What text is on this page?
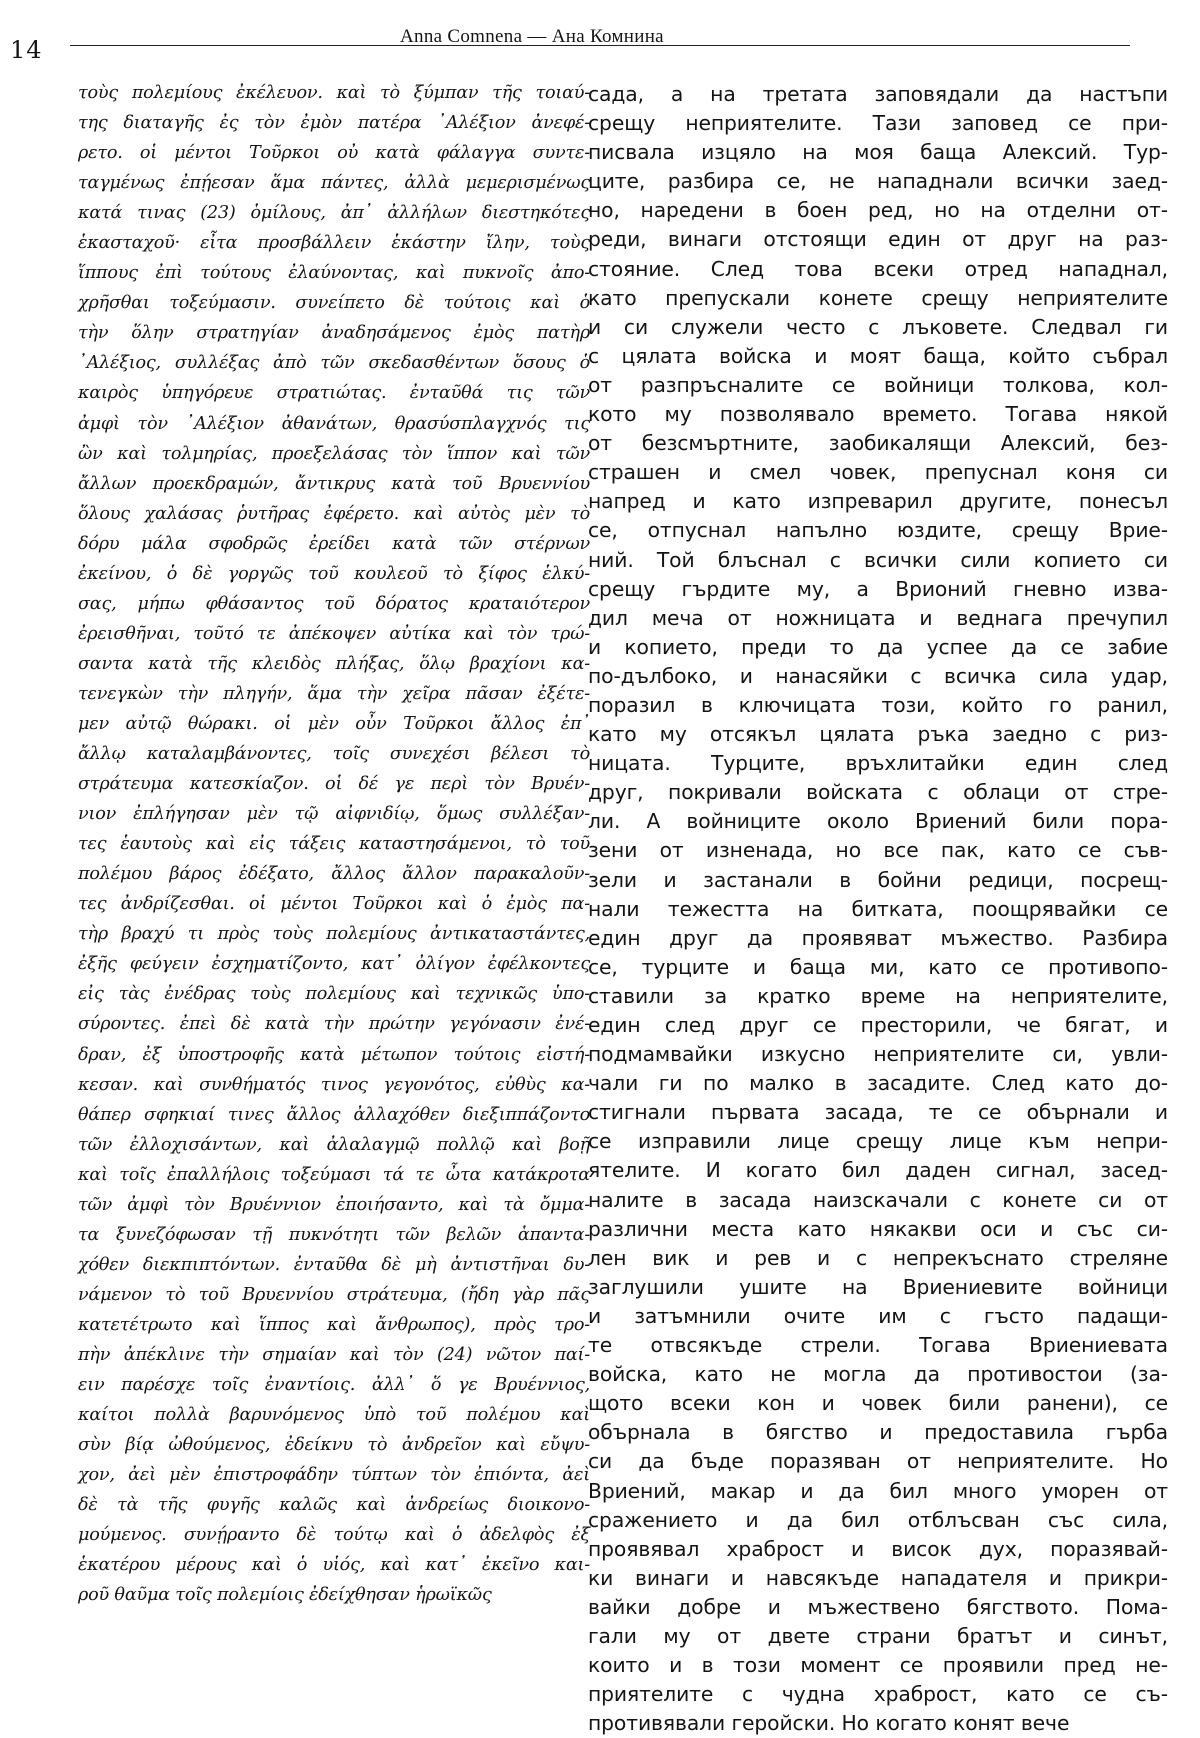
14	Anna Comnena — Ана Комнина
τοὺς πολεμίους ἐκέλευον. καὶ τὸ ξύμπαν τῆς τοιαύ-
της διαταγῆς ἐς τὸν ἐμὸν πατέρα ᾿Αλέξιον ἀνεφέ-
ρετο. οἱ μέντοι Τοῦρκοι οὐ κατὰ φάλαγγα συντε-
ταγμένως ἐπῄεσαν ἅμα πάντες, ἀλλὰ μεμερισμένως
κατά τινας (23) ὁμίλους, ἀπ᾿ ἀλλήλων διεστηκότες
ἑκασταχοῦ· εἶτα προσβάλλειν ἑκάστην ἴλην, τοὺς
ἵππους ἐπὶ τούτους ἐλαύνοντας, καὶ πυκνοῖς ἀπο-
χρῆσθαι τοξεύμασιν. συνείπετο δὲ τούτοις καὶ ὁ
τὴν ὅλην στρατηγίαν ἀναδησάμενος ἐμὸς πατὴρ
᾿Αλέξιος, συλλέξας ἀπὸ τῶν σκεδασθέντων ὅσους ὁ
καιρὸς ὑπηγόρευε στρατιώτας. ἐνταῦθά τις τῶν
ἀμφὶ τὸν ᾿Αλέξιον ἀθανάτων, θρασύσπλαγχνός τις
ὢν καὶ τολμηρίας, προεξελάσας τὸν ἵππον καὶ τῶν
ἄλλων προεκδραμών, ἄντικρυς κατὰ τοῦ Βρυεννίου
ὅλους χαλάσας ῥυτῆρας ἐφέρετο. καὶ αὐτὸς μὲν τὸ
δόρυ μάλα σφοδρῶς ἐρείδει κατὰ τῶν στέρνων
ἐκείνου, ὁ δὲ γοργῶς τοῦ κουλεοῦ τὸ ξίφος ἑλκύ-
σας, μήπω φθάσαντος τοῦ δόρατος κραταιότερον
ἐρεισθῆναι, τοῦτό τε ἀπέκοψεν αὐτίκα καὶ τὸν τρώ-
σαντα κατὰ τῆς κλειδὸς πλήξας, ὅλῳ βραχίονι κα-
τενεγκὼν τὴν πληγήν, ἅμα τὴν χεῖρα πᾶσαν ἐξέτε-
μεν αὐτῷ θώρακι. οἱ μὲν οὖν Τοῦρκοι ἄλλος ἐπ᾿
ἄλλῳ καταλαμβάνοντες, τοῖς συνεχέσι βέλεσι τὸ
στράτευμα κατεσκίαζον. οἱ δέ γε περὶ τὸν Βρυέν-
νιον ἐπλήγησαν μὲν τῷ αἰφνιδίῳ, ὅμως συλλέξαν-
τες ἑαυτοὺς καὶ εἰς τάξεις καταστησάμενοι, τὸ τοῦ
πολέμου βάρος ἐδέξατο, ἄλλος ἄλλον παρακαλοῦν-
τες ἀνδρίζεσθαι. οἱ μέντοι Τοῦρκοι καὶ ὁ ἐμὸς πα-
τὴρ βραχύ τι πρὸς τοὺς πολεμίους ἀντικαταστάντες,
ἐξῆς φεύγειν ἐσχηματίζοντο, κατ᾿ ὀλίγον ἐφέλκοντες
εἰς τὰς ἐνέδρας τοὺς πολεμίους καὶ τεχνικῶς ὑπο-
σύροντες. ἐπεὶ δὲ κατὰ τὴν πρώτην γεγόνασιν ἐνέ-
δραν, ἐξ ὑποστροφῆς κατὰ μέτωπον τούτοις εἰστή-
κεσαν. καὶ συνθήματός τινος γεγονότος, εὐθὺς κα-
θάπερ σφηκιαί τινες ἄλλος ἀλλαχόθεν διεξιππάζοντο
τῶν ἐλλοχισάντων, καὶ ἀλαλαγμῷ πολλῷ καὶ βοῇ
καὶ τοῖς ἐπαλλήλοις τοξεύμασι τά τε ὦτα κατάκροτα
τῶν ἀμφὶ τὸν Βρυέννιον ἐποιήσαντο, καὶ τὰ ὄμμα-
τα ξυνεζόφωσαν τῇ πυκνότητι τῶν βελῶν ἁπαντα-
χόθεν διεκπιπτόντων. ἐνταῦθα δὲ μὴ ἀντιστῆναι δυ-
νάμενον τὸ τοῦ Βρυεννίου στράτευμα, (ἤδη γὰρ πᾶς
κατετέτρωτο καὶ ἵππος καὶ ἄνθρωπος), πρὸς τρο-
πὴν ἀπέκλινε τὴν σημαίαν καὶ τὸν (24) νῶτον παί-
ειν παρέσχε τοῖς ἐναντίοις. ἀλλ᾿ ὅ γε Βρυέννιος,
καίτοι πολλὰ βαρυνόμενος ὑπὸ τοῦ πολέμου καὶ
σὺν βίᾳ ὠθούμενος, ἐδείκνυ τὸ ἀνδρεῖον καὶ εὔψυ-
χον, ἀεὶ μὲν ἐπιστροφάδην τύπτων τὸν ἐπιόντα, ἀεὶ
δὲ τὰ τῆς φυγῆς καλῶς καὶ ἀνδρείως διοικονο-
μούμενος. συνῄραντο δὲ τούτῳ καὶ ὁ ἀδελφὸς ἐξ
ἑκατέρου μέρους καὶ ὁ υἱός, καὶ κατ᾿ ἐκεῖνο και-
ροῦ θαῦμα τοῖς πολεμίοις ἐδείχθησαν ἡρωϊκῶς
сада, а на третата заповядали да настъпи
срещу неприятелите. Тази заповед се при-
писвала изцяло на моя баща Алексий. Тур-
ците, разбира се, не нападнали всички заед-
но, наредени в боен ред, но на отделни от-
реди, винаги отстоящи един от друг на раз-
стояние. След това всеки отред нападнал,
като препускали конете срещу неприятелите
и си служели често с лъковете. Следвал ги
с цялата войска и моят баща, който събрал
от разпръсналите се войници толкова, кол-
кото му позволявало времето. Тогава някой
от безсмъртните, заобикалящи Алексий, без-
страшен и смел човек, препуснал коня си
напред и като изпреварил другите, понесъл
се, отпуснал напълно юздите, срещу Вриe-
ний. Той блъснал с всички сили копието си
срещу гърдите му, а Врионий гневно изва-
дил меча от ножницата и веднага пречупил
и копието, преди то да успее да се забие
по-дълбоко, и нанасяйки с всичка сила удар,
поразил в ключицата този, който го ранил,
като му отсякъл цялата ръка заедно с риз-
ницата. Турците, връхлитайки един след
друг, покривали войската с облаци от стре-
ли. А войниците около Вриений били пора-
зени от изненада, но все пак, като се съв-
зели и застанали в бойни редици, посрещ-
нали тежестта на битката, поощрявайки се
един друг да проявяват мъжество. Разбира
се, турците и баща ми, като се противопо-
ставили за кратко време на неприятелите,
един след друг се престорили, че бягат, и
подмамвайки изкусно неприятелите си, увли-
чали ги по малко в засадите. След като до-
стигнали първата засада, те се обърнали и
се изправили лице срещу лице към непри-
ятелите. И когато бил даден сигнал, засед-
налите в засада наизскачали с конете си от
различни места като някакви оси и със си-
лен вик и рев и с непрекъснато стреляне
заглушили ушите на Вриениевите войници
и затъмнили очите им с гъсто падащи-
те отвсякъде стрели. Тогава Вриениевата
войска, като не могла да противостои (за-
щото всеки кон и човек били ранени), се
обърнала в бягство и предоставила гърба
си да бъде поразяван от неприятелите. Но
Вриений, макар и да бил много уморен от
сражението и да бил отблъсван със сила,
проявявал храброст и висок дух, поразявай-
ки винаги и навсякъде нападателя и прикри-
вайки добре и мъжествено бягството. Пома-
гали му от двете страни братът и синът,
които и в този момент се проявили пред не-
приятелите с чудна храброст, като се съ-
противявали геройски. Но когато конят вече
